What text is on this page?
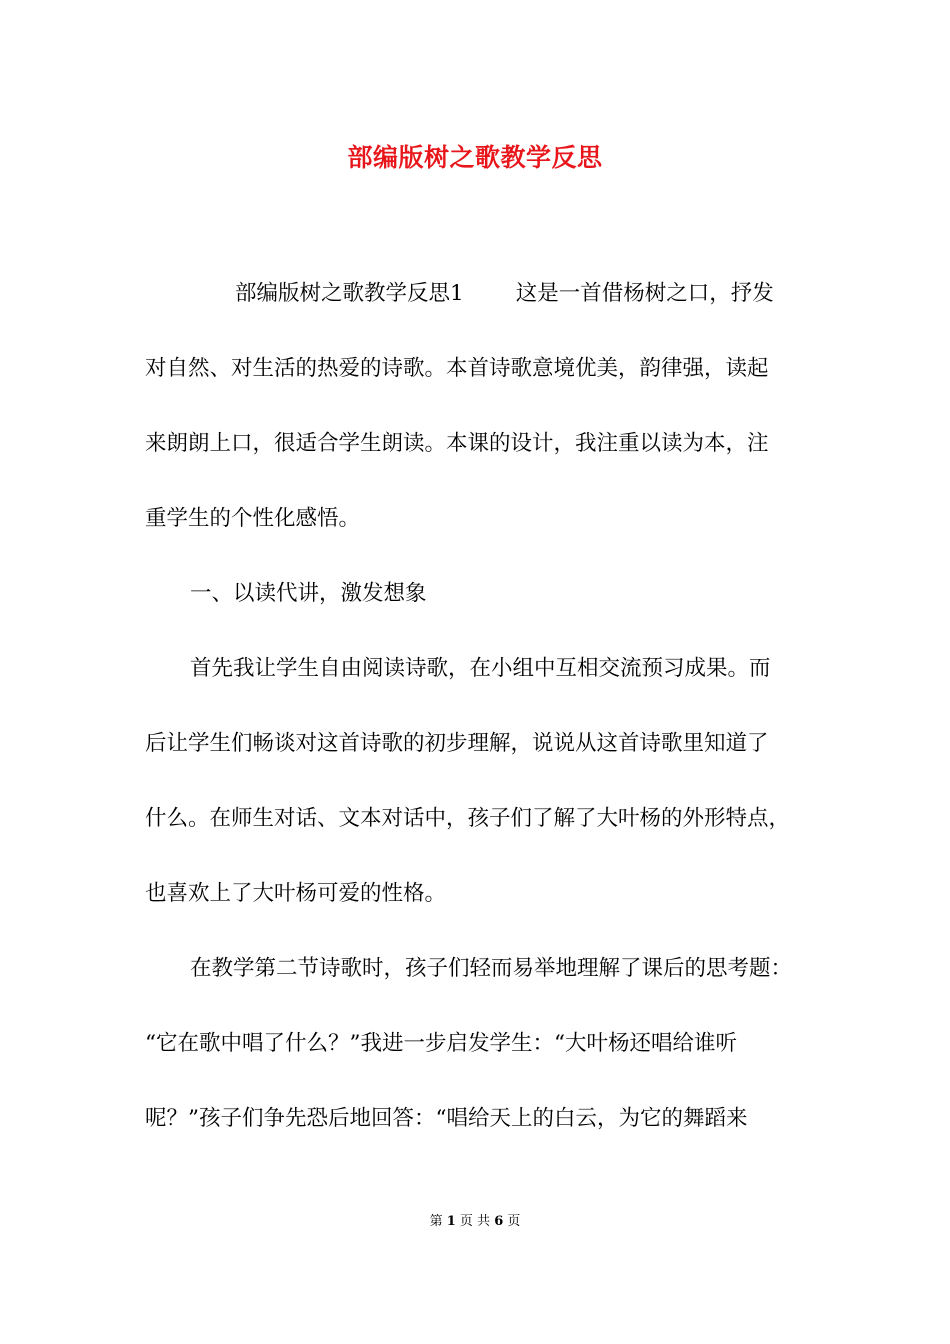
部编版树之歌教学反思
部编版树之歌教学反思1 这是一首借杨树之口，抒发
对自然、对生活的热爱的诗歌。本首诗歌意境优美，韵律强，读起
来朗朗上口，很适合学生朗读。本课的设计，我注重以读为本，注
重学生的个性化感悟。
一、以读代讲，激发想象
首先我让学生自由阅读诗歌，在小组中互相交流预习成果。而
后让学生们畅谈对这首诗歌的初步理解，说说从这首诗歌里知道了
什么。在师生对话、文本对话中，孩子们了解了大叶杨的外形特点，
也喜欢上了大叶杨可爱的性格。
在教学第二节诗歌时，孩子们轻而易举地理解了课后的思考题：
“它在歌中唱了什么？”我进一步启发学生：“大叶杨还唱给谁听
呢？”孩子们争先恐后地回答：“唱给天上的白云，为它的舞蹈来
第 1 页 共 6 页
